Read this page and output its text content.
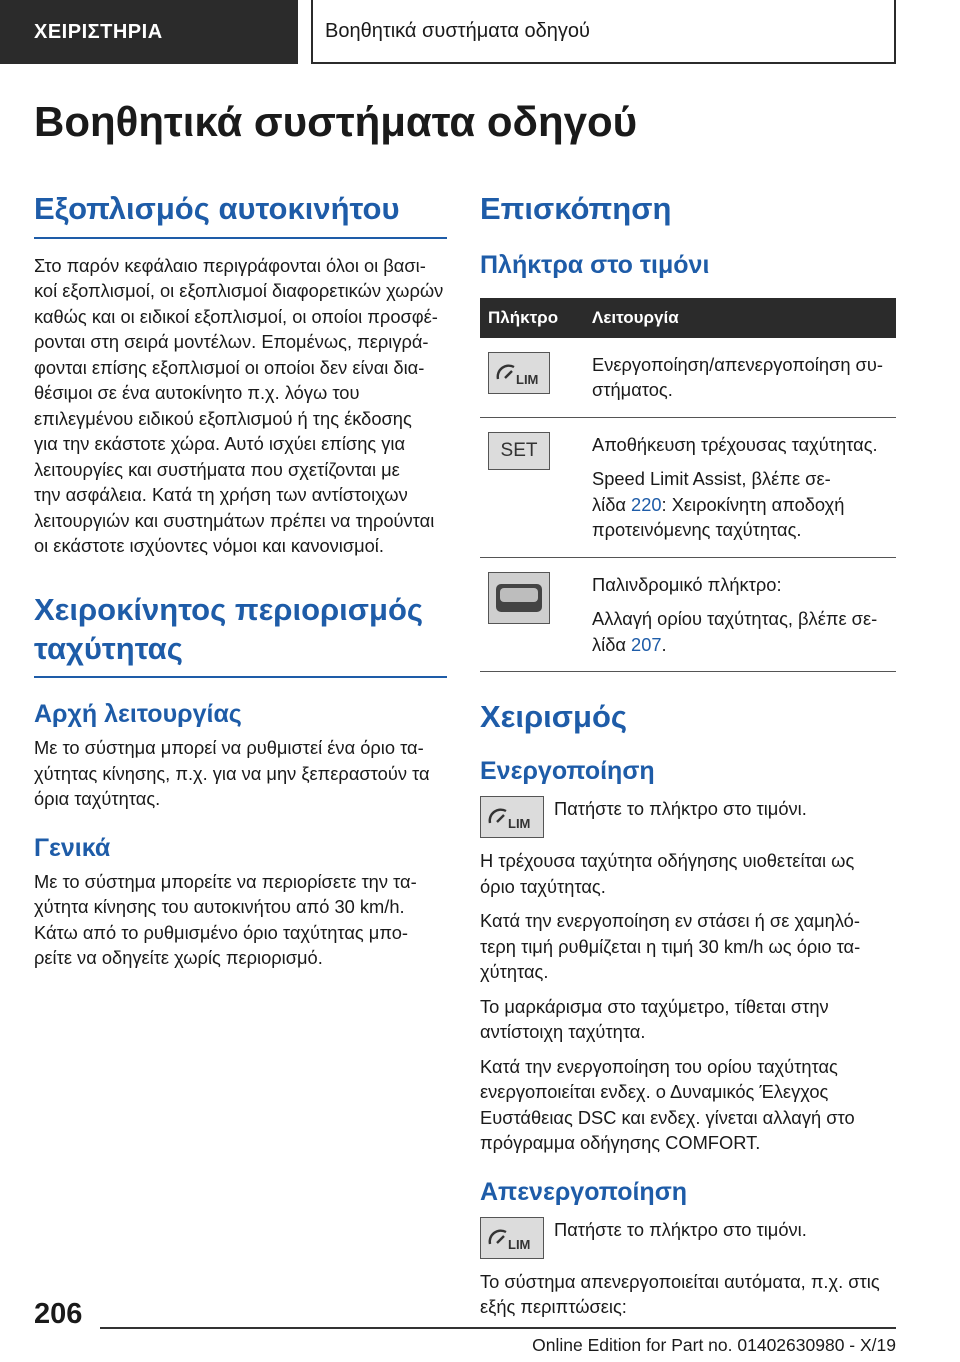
ΧΕΙΡΙΣΤΗΡΙΑ	Βοηθητικά συστήματα οδηγού
Βοηθητικά συστήματα οδηγού
Εξοπλισμός αυτοκινήτου

Στο παρόν κεφάλαιο περιγράφονται όλοι οι βασι‐

κοί εξοπλισμοί, οι εξοπλισμοί διαφορετικών χωρών

καθώς και οι ειδικοί εξοπλισμοί, οι οποίοι προσφέ‐

ρονται στη σειρά μοντέλων. Επομένως, περιγρά‐

φονται επίσης εξοπλισμοί οι οποίοι δεν είναι δια‐

θέσιμοι σε ένα αυτοκίνητο π.χ. λόγω του

επιλεγμένου ειδικού εξοπλισμού ή της έκδοσης

για την εκάστοτε χώρα. Αυτό ισχύει επίσης για

λειτουργίες και συστήματα που σχετίζονται με

την ασφάλεια. Κατά τη χρήση των αντίστοιχων

λειτουργιών και συστημάτων πρέπει να τηρούνται

οι εκάστοτε ισχύοντες νόμοι και κανονισμοί.

Χειροκίνητος περιορισμός
ταχύτητας
Αρχή λειτουργίας

Με το σύστημα μπορεί να ρυθμιστεί ένα όριο τα‐

χύτητας κίνησης, π.χ. για να μην ξεπεραστούν τα

όρια ταχύτητας.

Γενικά

Με το σύστημα μπορείτε να περιορίσετε την τα‐

χύτητα κίνησης του αυτοκινήτου από 30 km/h.

Κάτω από το ρυθμισμένο όριο ταχύτητας μπο‐

ρείτε να οδηγείτε χωρίς περιορισμό.

Επισκόπηση
Πλήκτρα στο τιμόνι
Πλήκτρο	Λειτουργία

LIM	Ενεργοποίηση/απενεργοποίηση συ‐

στήματος.

SET	Αποθήκευση τρέχουσας ταχύτητας.

Speed Limit Assist, βλέπε σε‐

λίδα 220: Χειροκίνητη αποδοχή

προτεινόμενης ταχύτητας.

Παλινδρομικό πλήκτρο:

Αλλαγή ορίου ταχύτητας, βλέπε σε‐

λίδα 207.

Χειρισμός
Ενεργοποίηση
LIM

Πατήστε το πλήκτρο στο τιμόνι.

Η τρέχουσα ταχύτητα οδήγησης υιοθετείται ως

όριο ταχύτητας.

Κατά την ενεργοποίηση εν στάσει ή σε χαμηλό‐

τερη τιμή ρυθμίζεται η τιμή 30 km/h ως όριο τα‐

χύτητας.

Το μαρκάρισμα στο ταχύμετρο, τίθεται στην

αντίστοιχη ταχύτητα.

Κατά την ενεργοποίηση του ορίου ταχύτητας

ενεργοποιείται ενδεχ. ο Δυναμικός Έλεγχος

Ευστάθειας DSC και ενδεχ. γίνεται αλλαγή στο

πρόγραμμα οδήγησης COMFORT.

Απενεργοποίηση
LIM

Πατήστε το πλήκτρο στο τιμόνι.

Το σύστημα απενεργοποιείται αυτόματα, π.χ. στις

εξής περιπτώσεις:

206
Online Edition for Part no. 01402630980 - X/19
